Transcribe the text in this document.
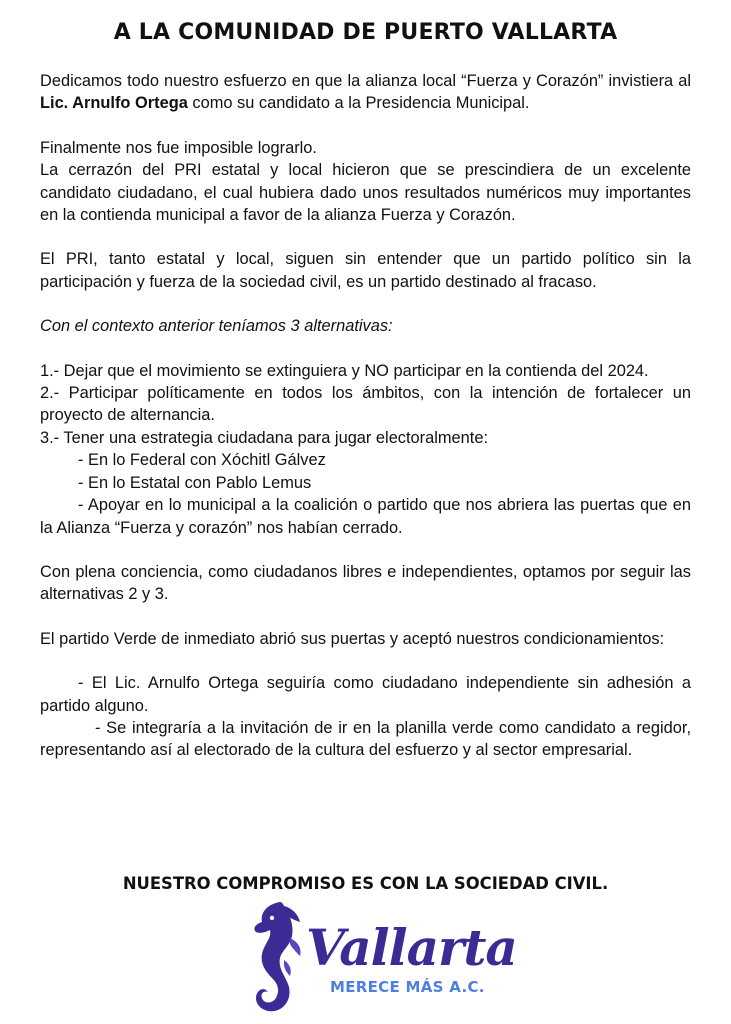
A LA COMUNIDAD DE PUERTO VALLARTA

Dedicamos todo nuestro esfuerzo en que la alianza local “Fuerza y Corazón” invistiera al Lic. Arnulfo Ortega como su candidato a la Presidencia Municipal.

Finalmente nos fue imposible lograrlo.

La cerrazón del PRI estatal y local hicieron que se prescindiera de un excelente candidato ciudadano, el cual hubiera dado unos resultados numéricos muy importantes en la contienda municipal a favor de la alianza Fuerza y Corazón.

El PRI, tanto estatal y local, siguen sin entender que un partido político sin la participación y fuerza de la sociedad civil, es un partido destinado al fracaso.

Con el contexto anterior teníamos 3 alternativas:

1.- Dejar que el movimiento se extinguiera y NO participar en la contienda del 2024.

2.- Participar políticamente en todos los ámbitos, con la intención de fortalecer un proyecto de alternancia.

3.- Tener una estrategia ciudadana para jugar electoralmente:

- En lo Federal con Xóchitl Gálvez

- En lo Estatal con Pablo Lemus

- Apoyar en lo municipal a la coalición o partido que nos abriera las puertas que en la Alianza “Fuerza y corazón” nos habían cerrado.

Con plena conciencia, como ciudadanos libres e independientes, optamos por seguir las alternativas 2 y 3.

El partido Verde de inmediato abrió sus puertas y aceptó nuestros condicionamientos:

- El Lic. Arnulfo Ortega seguiría como ciudadano independiente sin adhesión a partido alguno.

- Se integraría a la invitación de ir en la planilla verde como candidato a regidor, representando así al electorado de la cultura del esfuerzo y al sector empresarial.

NUESTRO COMPROMISO ES CON LA SOCIEDAD CIVIL.
Vallarta
MERECE MÁS A.C.
